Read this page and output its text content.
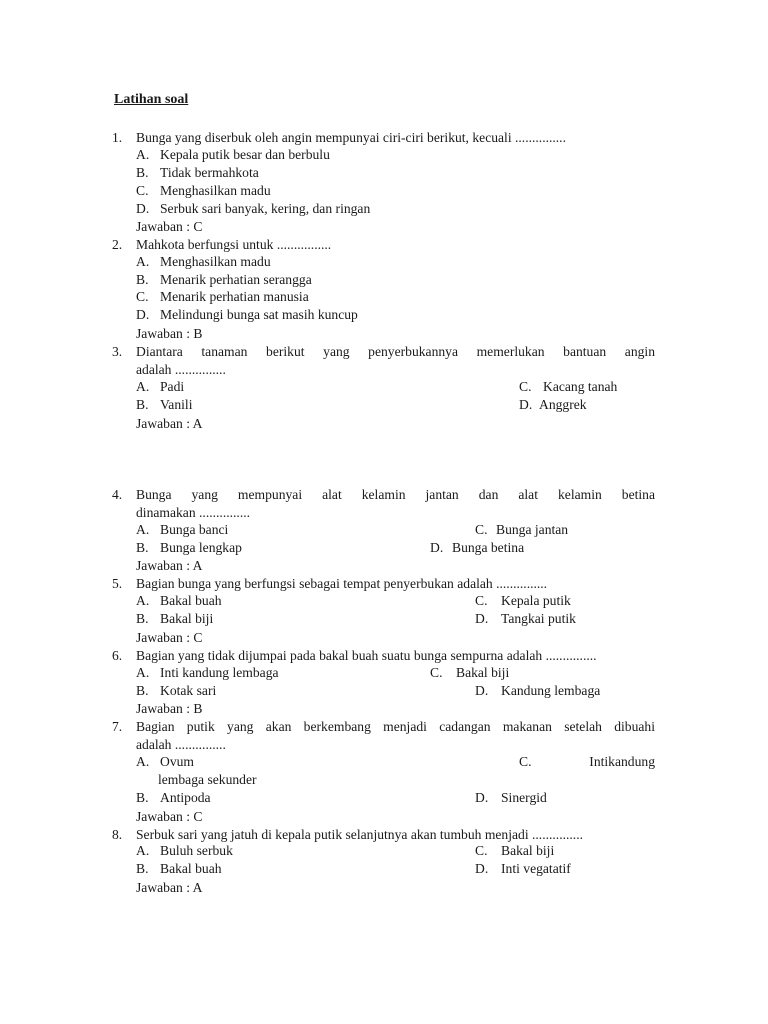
Latihan soal
1. Bunga yang diserbuk oleh angin mempunyai ciri-ciri berikut, kecuali ...............
A. Kepala putik besar dan berbulu
B. Tidak bermahkota
C. Menghasilkan madu
D. Serbuk sari banyak, kering, dan ringan
Jawaban : C
2. Mahkota berfungsi untuk ................
A. Menghasilkan madu
B. Menarik perhatian serangga
C. Menarik perhatian manusia
D. Melindungi bunga sat masih kuncup
Jawaban : B
3. Diantara tanaman berikut yang penyerbukannya memerlukan bantuan angin
adalah ...............
A. Padi
B. Vanili
C. Kacang tanah
D. Anggrek
Jawaban : A
4. Bunga yang mempunyai alat kelamin jantan dan alat kelamin betina
dinamakan ...............
A. Bunga banci
B. Bunga lengkap
C. Bunga jantan
D. Bunga betina
Jawaban : A
5. Bagian bunga yang berfungsi sebagai tempat penyerbukan adalah ...............
A. Bakal buah
B. Bakal biji
C. Kepala putik
D. Tangkai putik
Jawaban : C
6. Bagian yang tidak dijumpai pada bakal buah suatu bunga sempurna adalah ...............
A. Inti kandung lembaga
B. Kotak sari
C. Bakal biji
D. Kandung lembaga
Jawaban : B
7. Bagian putik yang akan berkembang menjadi cadangan makanan setelah dibuahi
adalah ...............
A. Ovum	C.	Intikandung
lembaga sekunder
B. Antipoda	D. Sinergid
Jawaban : C
8. Serbuk sari yang jatuh di kepala putik selanjutnya akan tumbuh menjadi ...............
A. Buluh serbuk
B. Bakal buah
C. Bakal biji
D. Inti vegatatif
Jawaban : A
